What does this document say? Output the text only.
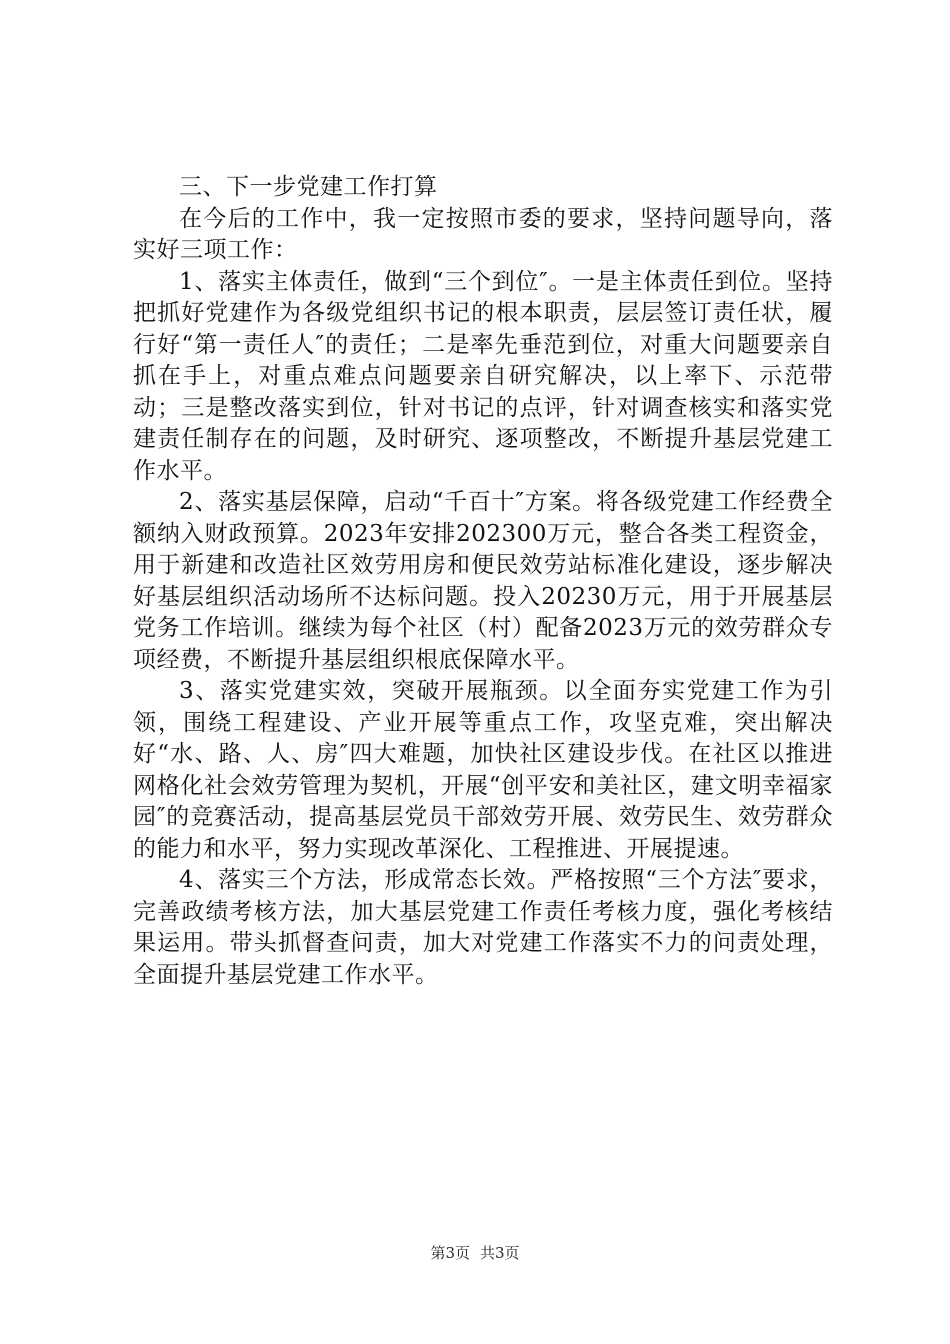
三、下一步党建工作打算

在今后的工作中，我一定按照市委的要求，坚持问题导向，落实好三项工作：

1、落实主体责任，做到“三个到位″。一是主体责任到位。坚持把抓好党建作为各级党组织书记的根本职责，层层签订责任状，履行好“第一责任人″的责任；二是率先垂范到位，对重大问题要亲自抓在手上，对重点难点问题要亲自研究解决，以上率下、示范带动；三是整改落实到位，针对书记的点评，针对调查核实和落实党建责任制存在的问题，及时研究、逐项整改，不断提升基层党建工作水平。

2、落实基层保障，启动“千百十″方案。将各级党建工作经费全额纳入财政预算。2023年安排202300万元，整合各类工程资金，用于新建和改造社区效劳用房和便民效劳站标准化建设，逐步解决好基层组织活动场所不达标问题。投入20230万元，用于开展基层党务工作培训。继续为每个社区（村）配备2023万元的效劳群众专项经费，不断提升基层组织根底保障水平。

3、落实党建实效，突破开展瓶颈。以全面夯实党建工作为引领，围绕工程建设、产业开展等重点工作，攻坚克难，突出解决好“水、路、人、房″四大难题，加快社区建设步伐。在社区以推进网格化社会效劳管理为契机，开展“创平安和美社区，建文明幸福家园″的竞赛活动，提高基层党员干部效劳开展、效劳民生、效劳群众的能力和水平，努力实现改革深化、工程推进、开展提速。

4、落实三个方法，形成常态长效。严格按照“三个方法″要求，完善政绩考核方法，加大基层党建工作责任考核力度，强化考核结果运用。带头抓督查问责，加大对党建工作落实不力的问责处理，全面提升基层党建工作水平。

第3页 共3页
